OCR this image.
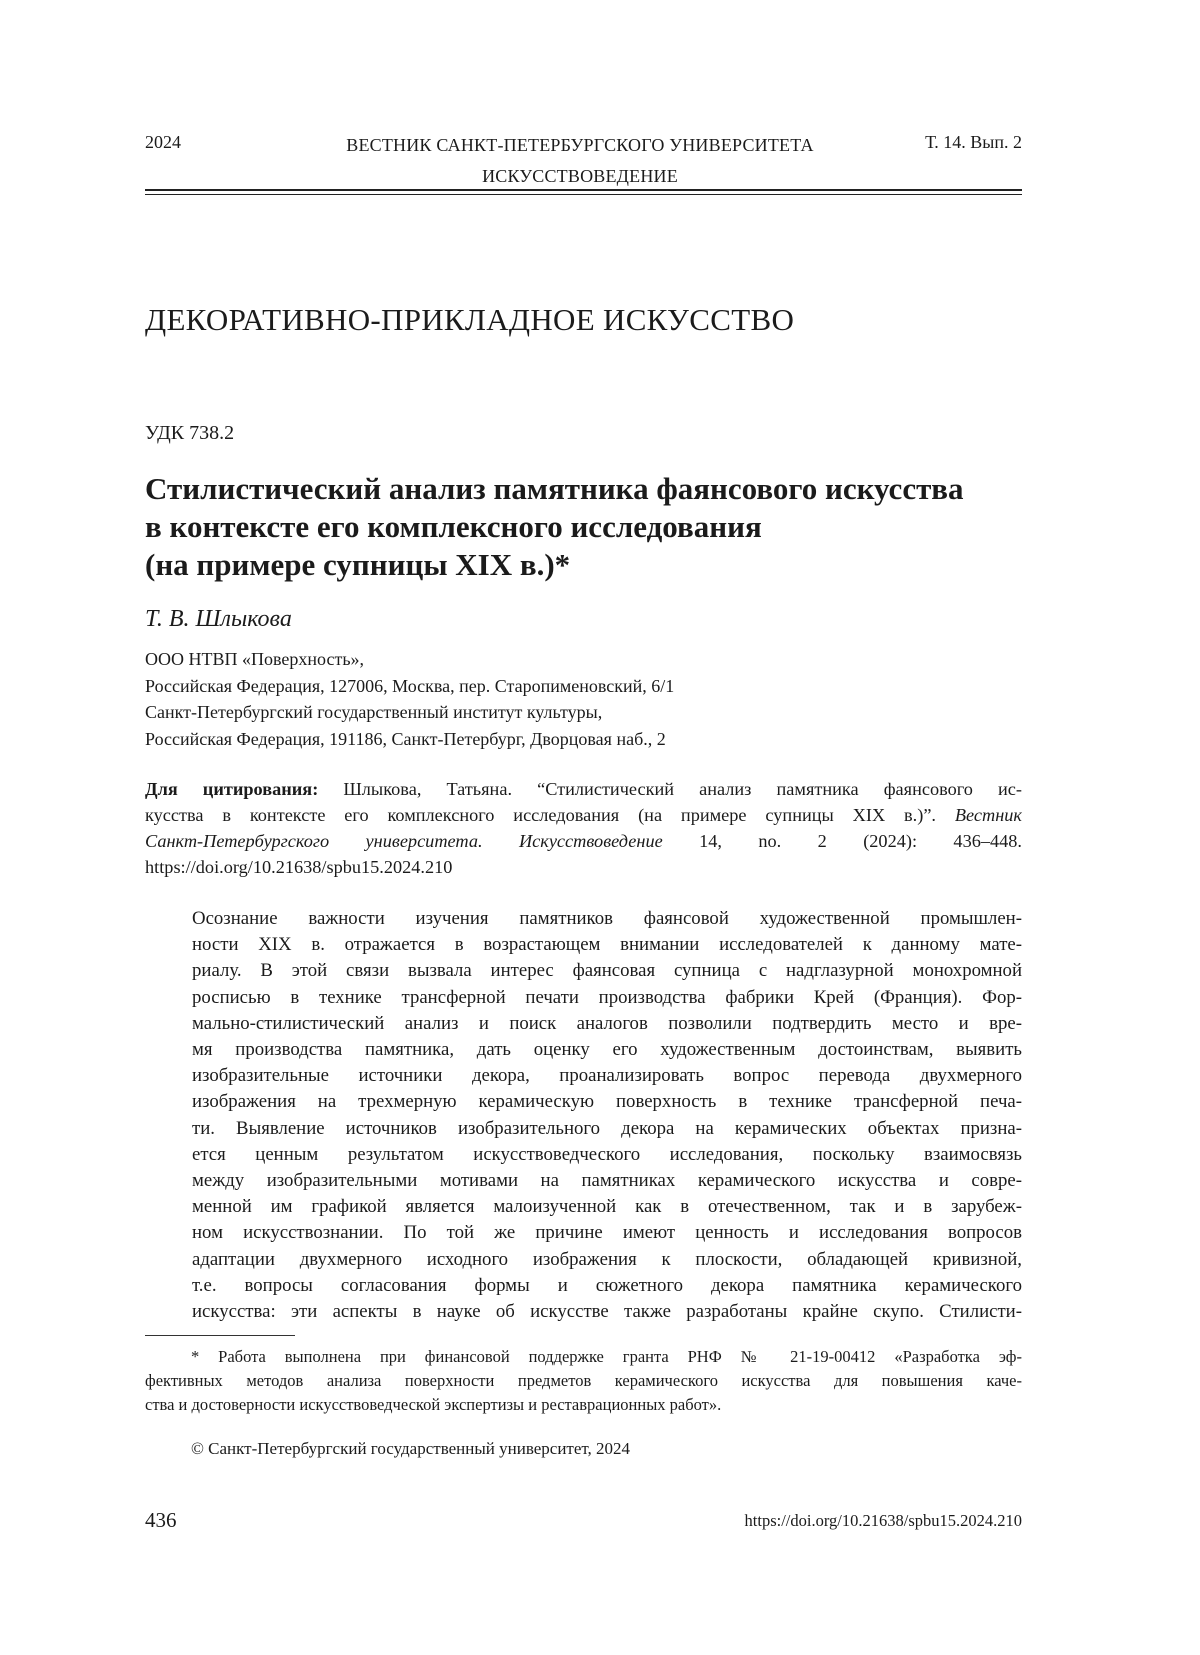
2024	ВЕСТНИК САНКТ-ПЕТЕРБУРГСКОГО УНИВЕРСИТЕТА
ИСКУССТВОВЕДЕНИЕ
Т. 14. Вып. 2
ДЕКОРАТИВНО-ПРИКЛАДНОЕ ИСКУССТВО
УДК 738.2
Стилистический анализ памятника фаянсового искусства
в контексте его комплексного исследования
(на примере супницы XIX в.)*
Т. В. Шлыкова
ООО НТВП «Поверхность»,
Российская Федерация, 127006, Москва, пер. Старопименовский, 6/1
Санкт-Петербургский государственный институт культуры,
Российская Федерация, 191186, Санкт-Петербург, Дворцовая наб., 2
Для цитирования: Шлыкова, Татьяна. “Стилистический анализ памятника фаянсового ис-
кусства в контексте его комплексного исследования (на примере супницы XIX в.)”. Вестник
Санкт-Петербургского университета. Искусствоведение 14, no. 2 (2024): 436–448.
https://doi.org/10.21638/spbu15.2024.210
Осознание важности изучения памятников фаянсовой художественной промышлен-
ности XIX в. отражается в возрастающем внимании исследователей к данному мате-
риалу. В этой связи вызвала интерес фаянсовая супница с надглазурной монохромной
росписью в технике трансферной печати производства фабрики Крей (Франция). Фор-
мально-стилистический анализ и поиск аналогов позволили подтвердить место и вре-
мя производства памятника, дать оценку его художественным достоинствам, выявить
изобразительные источники декора, проанализировать вопрос перевода двухмерного
изображения на трехмерную керамическую поверхность в технике трансферной печа-
ти. Выявление источников изобразительного декора на керамических объектах призна-
ется ценным результатом искусствоведческого исследования, поскольку взаимосвязь
между изобразительными мотивами на памятниках керамического искусства и совре-
менной им графикой является малоизученной как в отечественном, так и в зарубеж-
ном искусствознании. По той же причине имеют ценность и исследования вопросов
адаптации двухмерного исходного изображения к плоскости, обладающей кривизной,
т.е. вопросы согласования формы и сюжетного декора памятника керамического
искусства: эти аспекты в науке об искусстве также разработаны крайне скупо. Стилисти-
* Работа выполнена при финансовой поддержке гранта РНФ № 21-19-00412 «Разработка эф-
фективных методов анализа поверхности предметов керамического искусства для повышения каче-
ства и достоверности искусствоведческой экспертизы и реставрационных работ».
© Санкт-Петербургский государственный университет, 2024
436	https://doi.org/10.21638/spbu15.2024.210
